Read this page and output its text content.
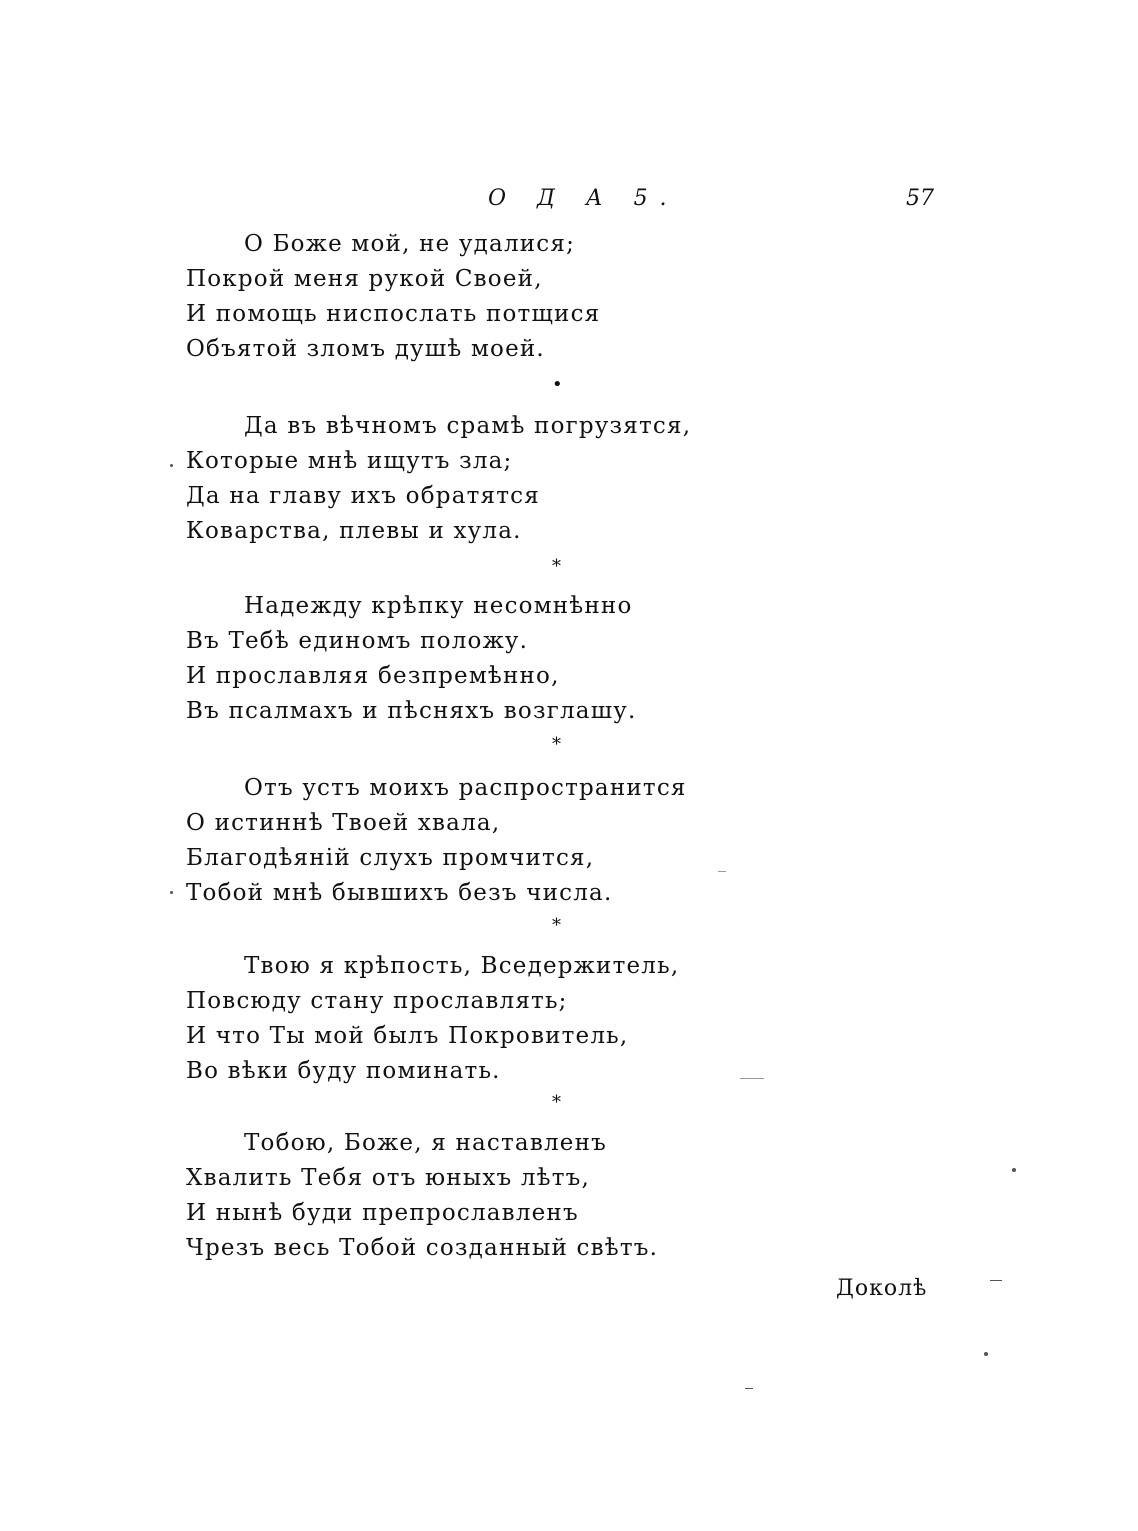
О Д А 5.	57
О Боже мой, не удалися;
Покрой меня рукой Своей,
И помощь ниспослать потщися
Объятой зломъ душѣ моей.
•
Да въ вѣчномъ срамѣ погрузятся,
Которые мнѣ ищутъ зла;
Да на главу ихъ обратятся
Коварства, плевы и хула.
*
Надежду крѣпку несомнѣнно
Въ Тебѣ единомъ положу.
И прославляя безпремѣнно,
Въ псалмахъ и пѣсняхъ возглашу.
*
Отъ устъ моихъ распространится
О истиннѣ Твоей хвала,
Благодѣяній слухъ промчится,
Тобой мнѣ бывшихъ безъ числа.
*
Твою я крѣпость, Вседержитель,
Повсюду стану прославлять;
И что Ты мой былъ Покровитель,
Во вѣки буду поминать.
*
Тобою, Боже, я наставленъ
Хвалить Тебя отъ юныхъ лѣтъ,
И нынѣ буди препрославленъ
Чрезъ весь Тобой созданный свѣтъ.
Доколѣ
